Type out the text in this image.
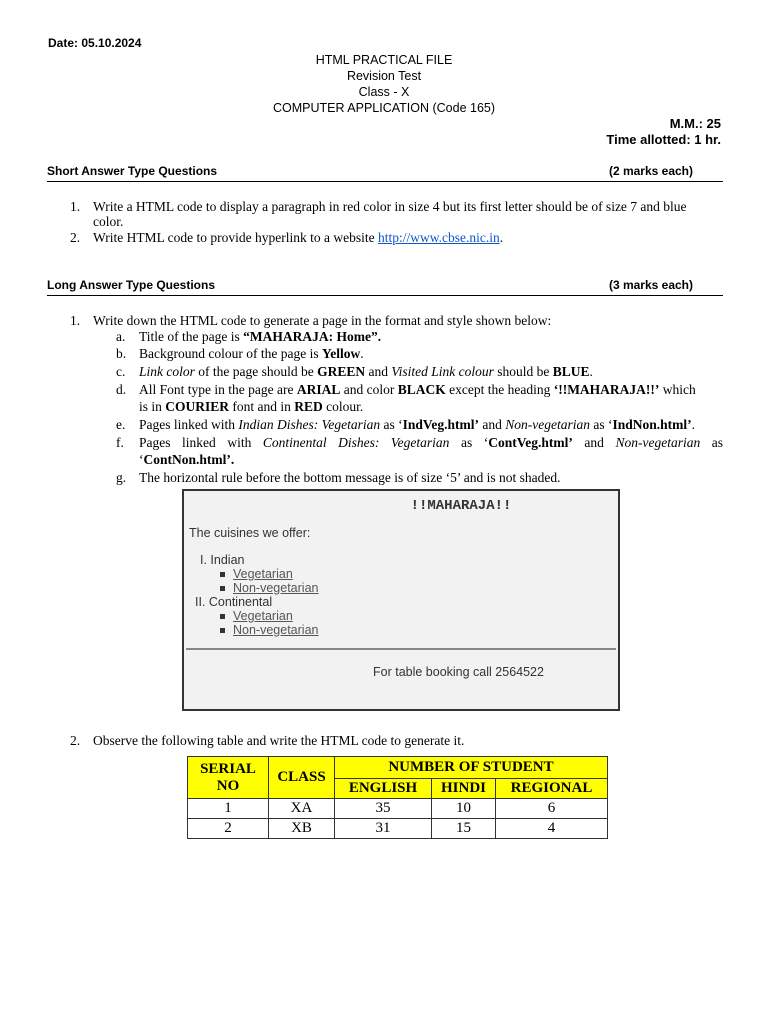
Date: 05.10.2024
HTML PRACTICAL FILE
Revision Test
Class - X
COMPUTER APPLICATION (Code 165)
M.M.: 25
Time allotted: 1 hr.
Short Answer Type Questions	(2 marks each)
1. Write a HTML code to display a paragraph in red color in size 4 but its first letter should be of size 7 and blue
color.
2. Write HTML code to provide hyperlink to a website http://www.cbse.nic.in.
Long Answer Type Questions	(3 marks each)
1. Write down the HTML code to generate a page in the format and style shown below:
a. Title of the page is “MAHARAJA: Home”.
b. Background colour of the page is Yellow.
c. Link color of the page should be GREEN and Visited Link colour should be BLUE.
d. All Font type in the page are ARIAL and color BLACK except the heading ‘!!MAHARAJA!!’ which
is in COURIER font and in RED colour.
e. Pages linked with Indian Dishes: Vegetarian as ‘IndVeg.html’ and Non-vegetarian as ‘IndNon.html’.
f. Pages linked with Continental Dishes: Vegetarian as ‘ContVeg.html’ and Non-vegetarian as
‘ContNon.html’.
g. The horizontal rule before the bottom message is of size ‘5’ and is not shaded.
!!MAHARAJA!!
The cuisines we offer:
I. Indian
Vegetarian
Non-vegetarian
II. Continental
Vegetarian
Non-vegetarian
For table booking call 2564522
2. Observe the following table and write the HTML code to generate it.
SERIAL
NO	CLASS	NUMBER OF STUDENT		
		ENGLISH	HINDI	REGIONAL
1	XA	35	10	6
2	XB	31	15	4
